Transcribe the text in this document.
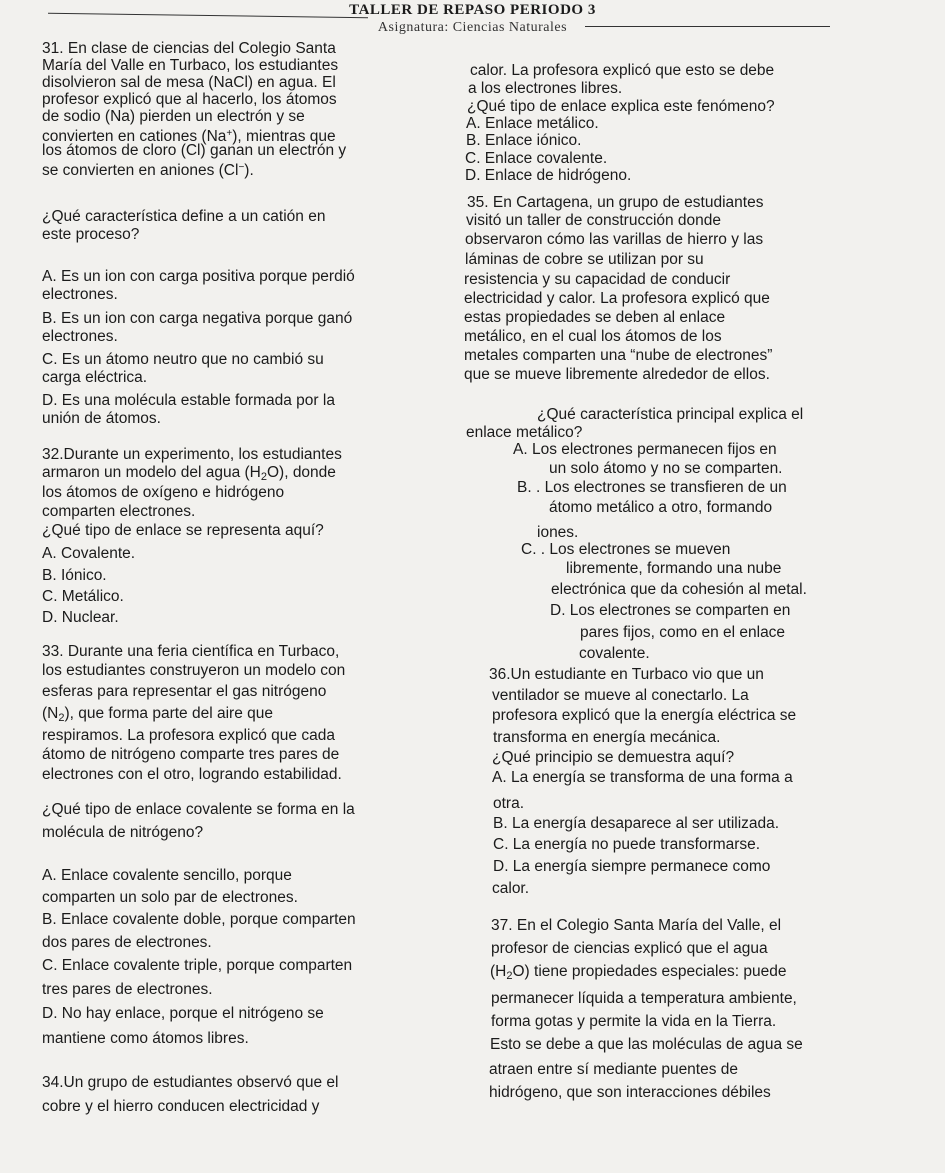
TALLER DE REPASO PERIODO 3
Asignatura: Ciencias Naturales
31. En clase de ciencias del Colegio Santa
María del Valle en Turbaco, los estudiantes
disolvieron sal de mesa (NaCl) en agua. El
profesor explicó que al hacerlo, los átomos
de sodio (Na) pierden un electrón y se
convierten en cationes (Na+), mientras que
los átomos de cloro (Cl) ganan un electrón y
se convierten en aniones (Cl−).
¿Qué característica define a un catión en
este proceso?
A. Es un ion con carga positiva porque perdió
electrones.
B. Es un ion con carga negativa porque ganó
electrones.
C. Es un átomo neutro que no cambió su
carga eléctrica.
D. Es una molécula estable formada por la
unión de átomos.
32.Durante un experimento, los estudiantes
armaron un modelo del agua $(H_2O)$, donde
los átomos de oxígeno e hidrógeno
comparten electrones.
¿Qué tipo de enlace se representa aquí?
A. Covalente.
B. Iónico.
C. Metálico.
D. Nuclear.
33. Durante una feria científica en Turbaco,
los estudiantes construyeron un modelo con
esferas para representar el gas nitrógeno
$(N_2)$, que forma parte del aire que
respiramos. La profesora explicó que cada
átomo de nitrógeno comparte tres pares de
electrones con el otro, logrando estabilidad.
¿Qué tipo de enlace covalente se forma en la
molécula de nitrógeno?
A. Enlace covalente sencillo, porque
comparten un solo par de electrones.
B. Enlace covalente doble, porque comparten
dos pares de electrones.
C. Enlace covalente triple, porque comparten
tres pares de electrones.
D. No hay enlace, porque el nitrógeno se
mantiene como átomos libres.
34.Un grupo de estudiantes observó que el
cobre y el hierro conducen electricidad y
calor. La profesora explicó que esto se debe
a los electrones libres.
¿Qué tipo de enlace explica este fenómeno?
A. Enlace metálico.
B. Enlace iónico.
C. Enlace covalente.
D. Enlace de hidrógeno.
35. En Cartagena, un grupo de estudiantes
visitó un taller de construcción donde
observaron cómo las varillas de hierro y las
láminas de cobre se utilizan por su
resistencia y su capacidad de conducir
electricidad y calor. La profesora explicó que
estas propiedades se deben al enlace
metálico, en el cual los átomos de los
metales comparten una “nube de electrones”
que se mueve libremente alrededor de ellos.
¿Qué característica principal explica el
enlace metálico?
A. Los electrones permanecen fijos en
un solo átomo y no se comparten.
B. . Los electrones se transfieren de un
átomo metálico a otro, formando
iones.
C. . Los electrones se mueven
libremente, formando una nube
electrónica que da cohesión al metal.
D. Los electrones se comparten en
pares fijos, como en el enlace
covalente.
36.Un estudiante en Turbaco vio que un
ventilador se mueve al conectarlo. La
profesora explicó que la energía eléctrica se
transforma en energía mecánica.
¿Qué principio se demuestra aquí?
A. La energía se transforma de una forma a
otra.
B. La energía desaparece al ser utilizada.
C. La energía no puede transformarse.
D. La energía siempre permanece como
calor.
37. En el Colegio Santa María del Valle, el
profesor de ciencias explicó que el agua
$(H_2O)$ tiene propiedades especiales: puede
permanecer líquida a temperatura ambiente,
forma gotas y permite la vida en la Tierra.
Esto se debe a que las moléculas de agua se
atraen entre sí mediante puentes de
hidrógeno, que son interacciones débiles
